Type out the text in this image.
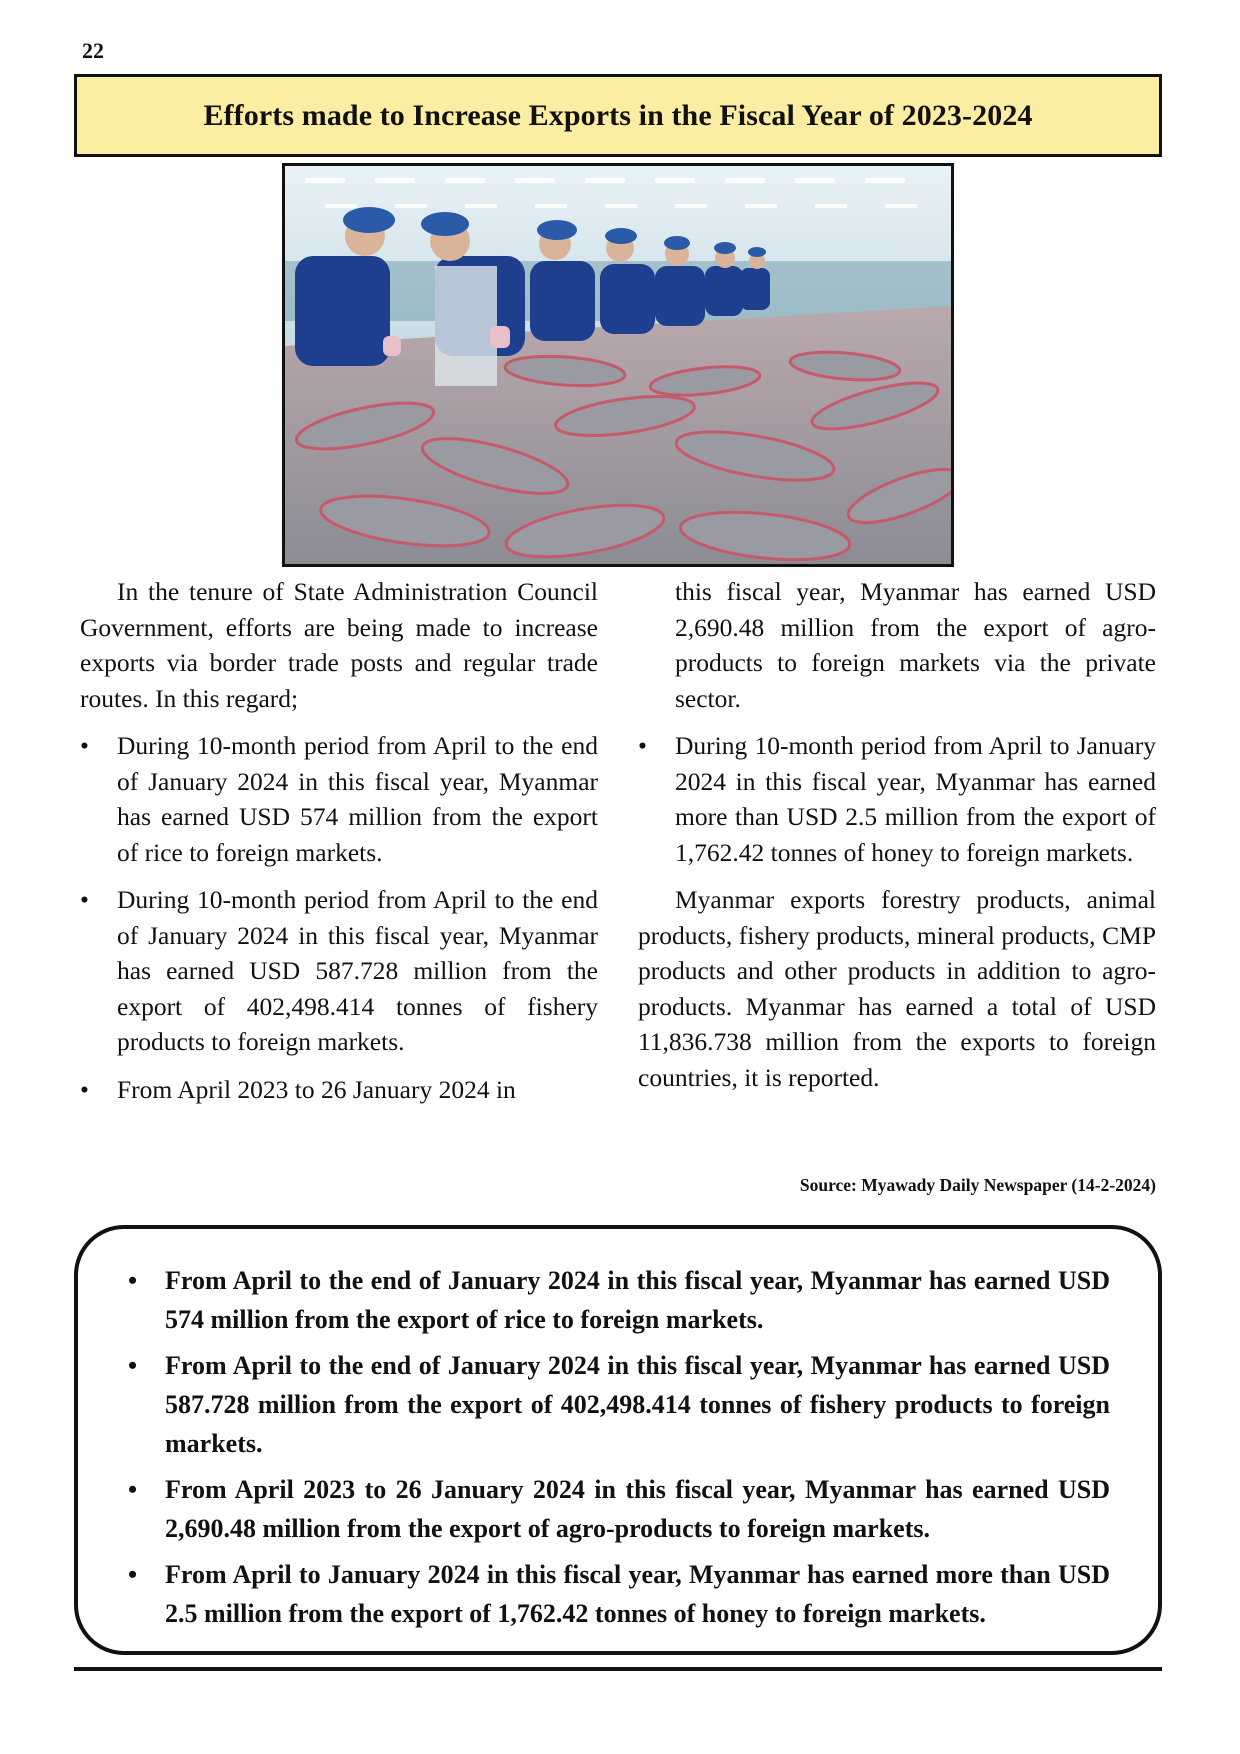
22
Efforts made to Increase Exports in the Fiscal Year of 2023-2024

In the tenure of State Administration Council Government, efforts are being made to increase exports via border trade posts and regular trade routes. In this regard;

• During 10-month period from April to the end of January 2024 in this fiscal year, Myanmar has earned USD 574 million from the export of rice to foreign markets.
• During 10-month period from April to the end of January 2024 in this fiscal year, Myanmar has earned USD 587.728 million from the export of 402,498.414 tonnes of fishery products to foreign markets.
• From April 2023 to 26 January 2024 in

this fiscal year, Myanmar has earned USD 2,690.48 million from the export of agro-products to foreign markets via the private sector.

• During 10-month period from April to January 2024 in this fiscal year, Myanmar has earned more than USD 2.5 million from the export of 1,762.42 tonnes of honey to foreign markets.

Myanmar exports forestry products, animal products, fishery products, mineral products, CMP products and other products in addition to agro-products. Myanmar has earned a total of USD 11,836.738 million from the exports to foreign countries, it is reported.

Source: Myawady Daily Newspaper (14-2-2024)
• From April to the end of January 2024 in this fiscal year, Myanmar has earned USD 574 million from the export of rice to foreign markets.
• From April to the end of January 2024 in this fiscal year, Myanmar has earned USD 587.728 million from the export of 402,498.414 tonnes of fishery products to foreign markets.
• From April 2023 to 26 January 2024 in this fiscal year, Myanmar has earned USD 2,690.48 million from the export of agro-products to foreign markets.
• From April to January 2024 in this fiscal year, Myanmar has earned more than USD 2.5 million from the export of 1,762.42 tonnes of honey to foreign markets.
